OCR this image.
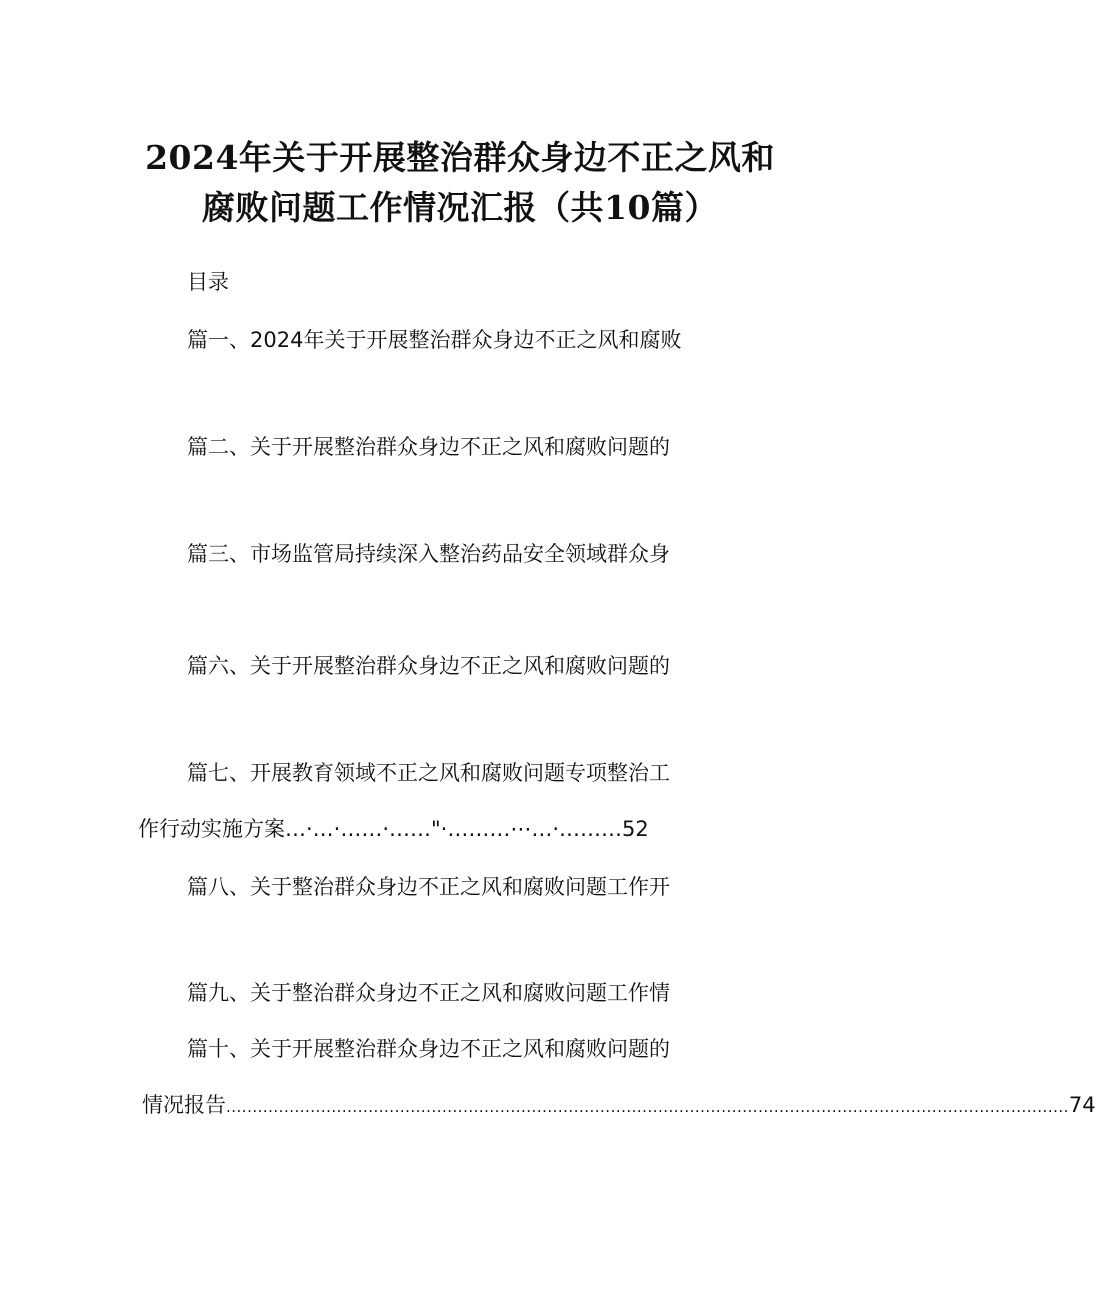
2024年关于开展整治群众身边不正之风和
腐败问题工作情况汇报（共10篇）
目录
篇一、2024年关于开展整治群众身边不正之风和腐败
篇二、关于开展整治群众身边不正之风和腐败问题的
篇三、市场监管局持续深入整治药品安全领域群众身
篇六、关于开展整治群众身边不正之风和腐败问题的
篇七、开展教育领域不正之风和腐败问题专项整治工
作行动实施方案…·…·……·……"·………⋯…·………52
篇八、关于整治群众身边不正之风和腐败问题工作开
篇九、关于整治群众身边不正之风和腐败问题工作情
篇十、关于开展整治群众身边不正之风和腐败问题的
情况报告 ................................................................................................................................................................ 74
